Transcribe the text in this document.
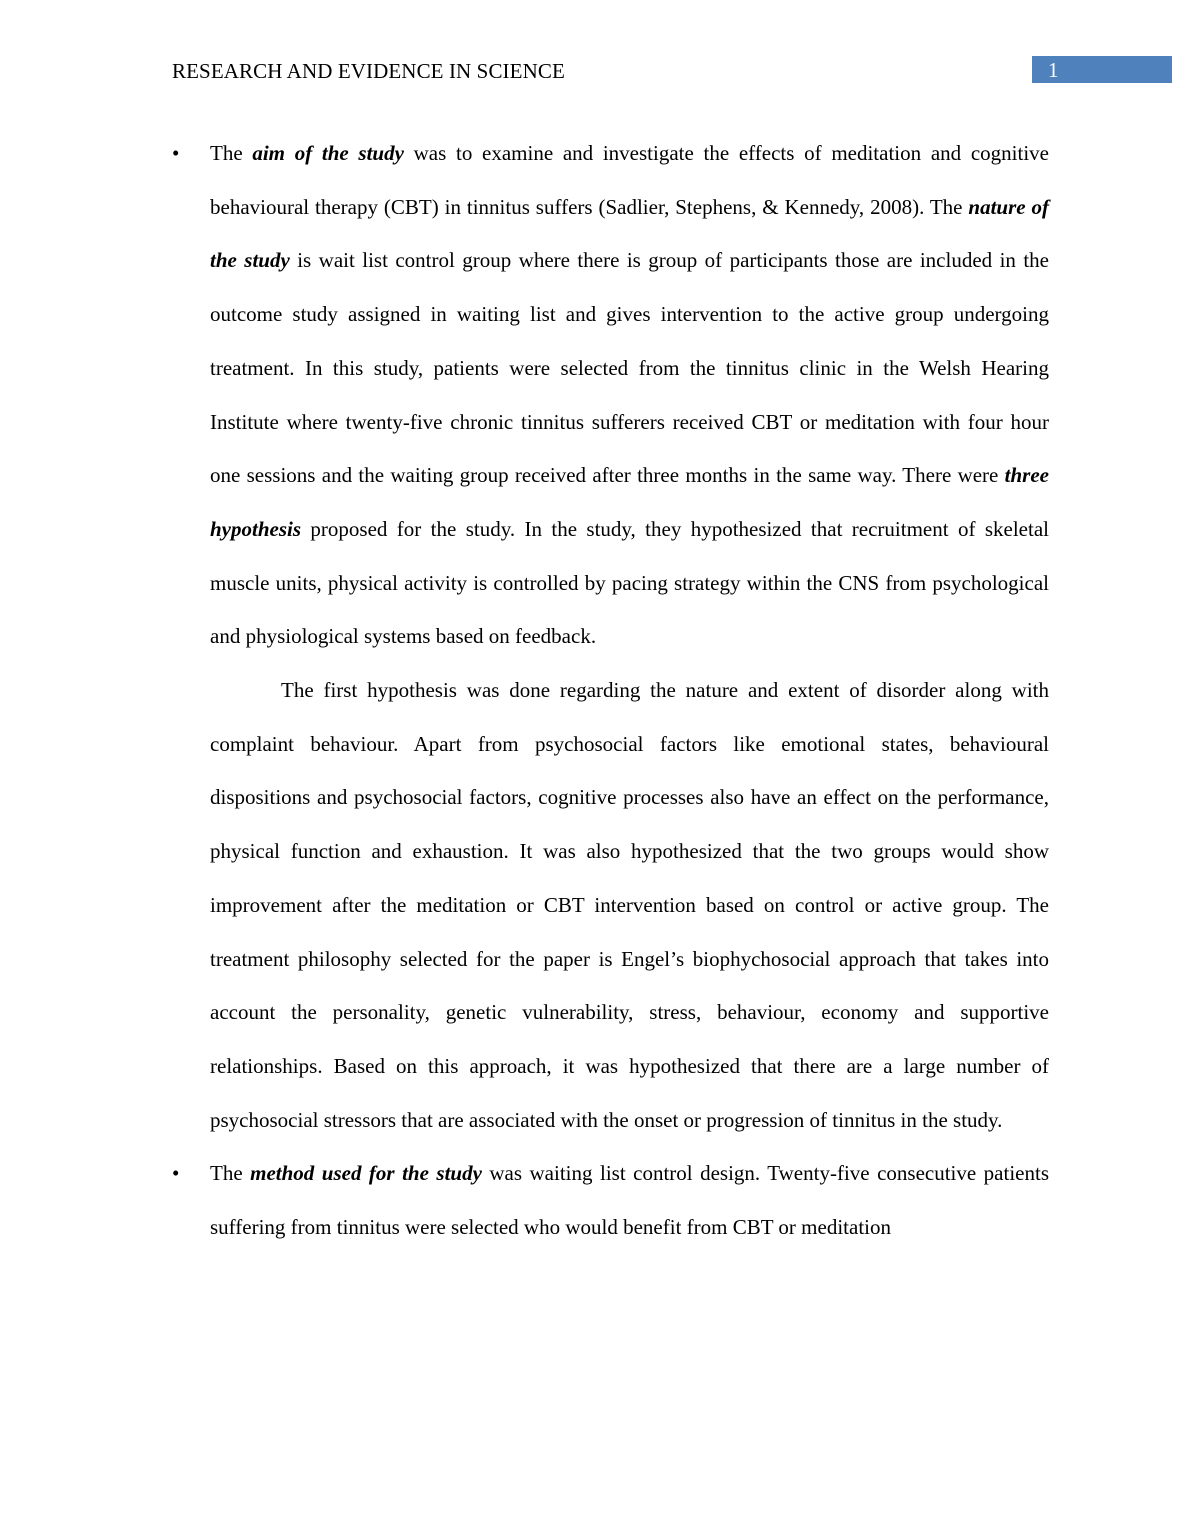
RESEARCH AND EVIDENCE IN SCIENCE	1

• The aim of the study was to examine and investigate the effects of meditation and cognitive behavioural therapy (CBT) in tinnitus suffers (Sadlier, Stephens, & Kennedy, 2008). The nature of the study is wait list control group where there is group of participants those are included in the outcome study assigned in waiting list and gives intervention to the active group undergoing treatment. In this study, patients were selected from the tinnitus clinic in the Welsh Hearing Institute where twenty-five chronic tinnitus sufferers received CBT or meditation with four hour one sessions and the waiting group received after three months in the same way. There were three hypothesis proposed for the study. In the study, they hypothesized that recruitment of skeletal muscle units, physical activity is controlled by pacing strategy within the CNS from psychological and physiological systems based on feedback.

The first hypothesis was done regarding the nature and extent of disorder along with complaint behaviour. Apart from psychosocial factors like emotional states, behavioural dispositions and psychosocial factors, cognitive processes also have an effect on the performance, physical function and exhaustion. It was also hypothesized that the two groups would show improvement after the meditation or CBT intervention based on control or active group. The treatment philosophy selected for the paper is Engel’s biophychosocial approach that takes into account the personality, genetic vulnerability, stress, behaviour, economy and supportive relationships. Based on this approach, it was hypothesized that there are a large number of psychosocial stressors that are associated with the onset or progression of tinnitus in the study.

• The method used for the study was waiting list control design. Twenty-five consecutive patients suffering from tinnitus were selected who would benefit from CBT or meditation
